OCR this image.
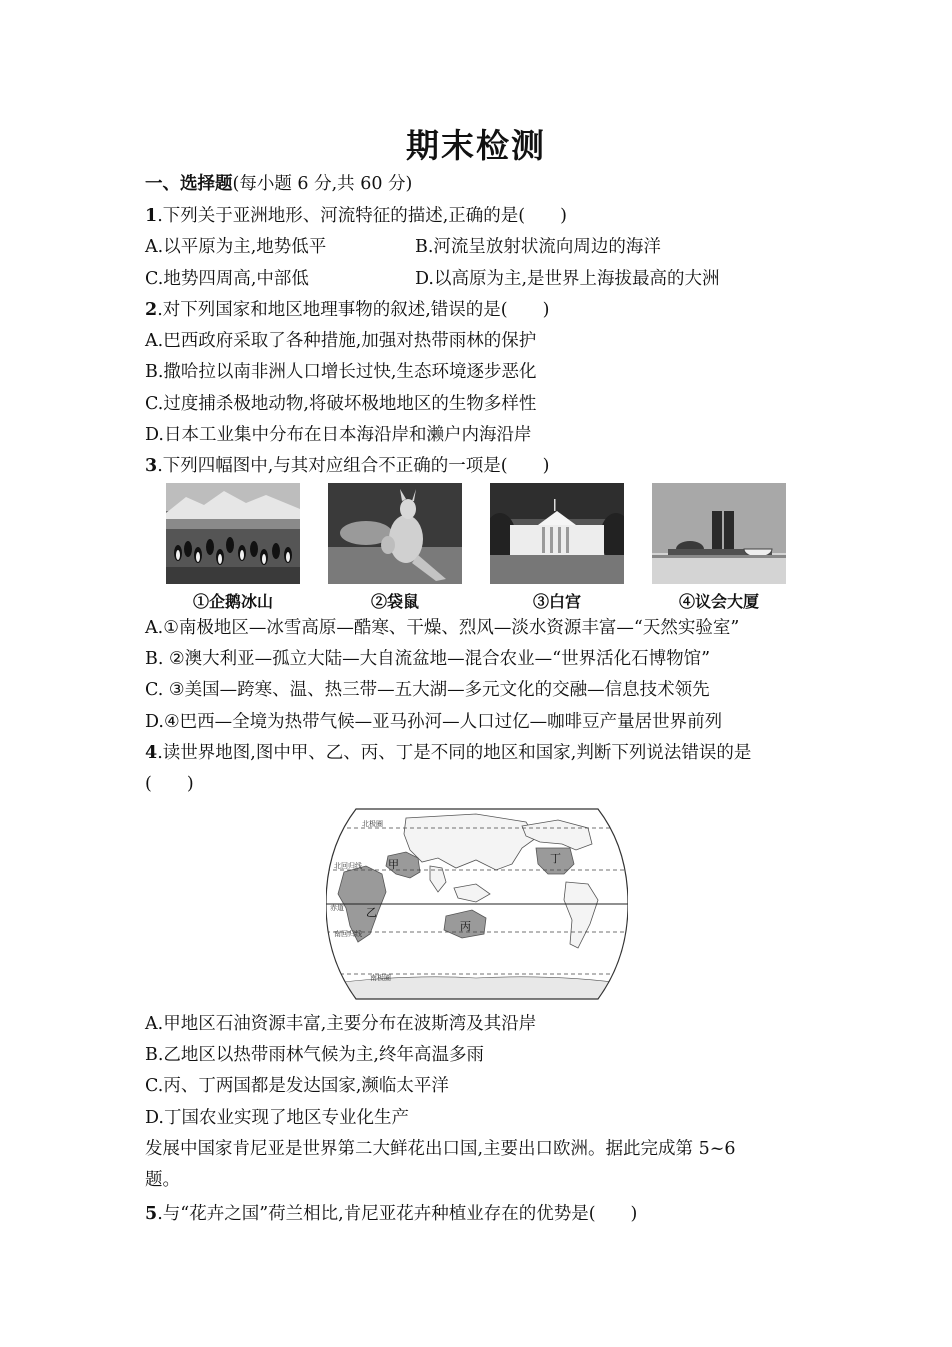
期末检测
一、选择题(每小题 6 分,共 60 分)
1.下列关于亚洲地形、河流特征的描述,正确的是(　　)
A.以平原为主,地势低平	B.河流呈放射状流向周边的海洋
C.地势四周高,中部低	D.以高原为主,是世界上海拔最高的大洲
2.对下列国家和地区地理事物的叙述,错误的是(　　)
A.巴西政府采取了各种措施,加强对热带雨林的保护
B.撒哈拉以南非洲人口增长过快,生态环境逐步恶化
C.过度捕杀极地动物,将破坏极地地区的生物多样性
D.日本工业集中分布在日本海沿岸和濑户内海沿岸
3.下列四幅图中,与其对应组合不正确的一项是(　　)
①企鹅冰山	②袋鼠	③白宫	④议会大厦
A.①南极地区—冰雪高原—酷寒、干燥、烈风—淡水资源丰富—“天然实验室”
B. ②澳大利亚—孤立大陆—大自流盆地—混合农业—“世界活化石博物馆”
C. ③美国—跨寒、温、热三带—五大湖—多元文化的交融—信息技术领先
D.④巴西—全境为热带气候—亚马孙河—人口过亿—咖啡豆产量居世界前列
4.读世界地图,图中甲、乙、丙、丁是不同的地区和国家,判断下列说法错误的是
(　　)
北极圈
北回归线
赤道
南回归线
南极圈
甲
乙
丙
丁
A.甲地区石油资源丰富,主要分布在波斯湾及其沿岸
B.乙地区以热带雨林气候为主,终年高温多雨
C.丙、丁两国都是发达国家,濒临太平洋
D.丁国农业实现了地区专业化生产
发展中国家肯尼亚是世界第二大鲜花出口国,主要出口欧洲。据此完成第 5~6
题。
5.与“花卉之国”荷兰相比,肯尼亚花卉种植业存在的优势是(　　)
